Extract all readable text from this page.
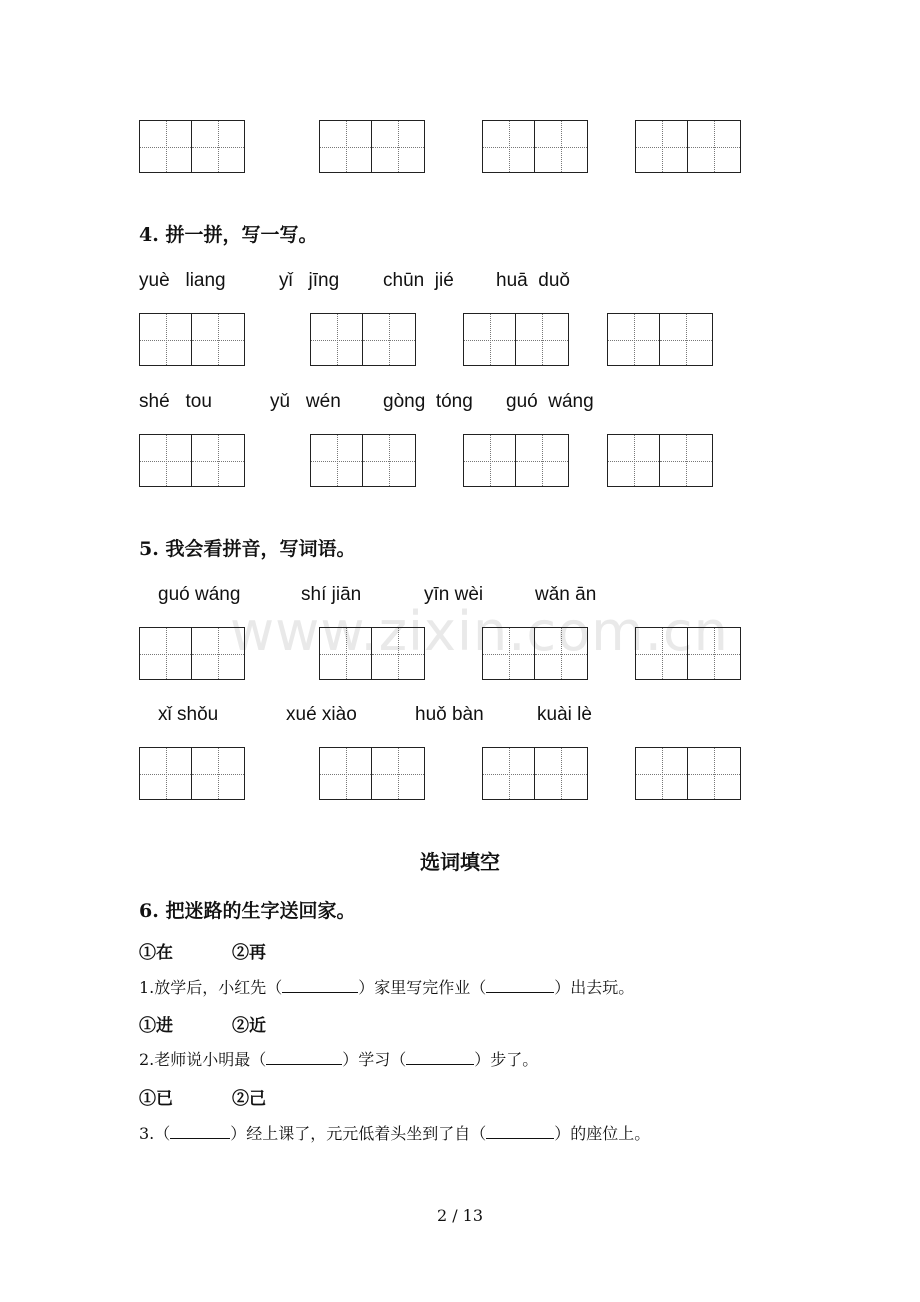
www.zixin.com.cn
4. 拼一拼，写一写。
yuè   liang	yǐ   jīng chūn  jié huā  duǒ
shé   tou	yǔ   wén gòng  tóng guó  wáng
5. 我会看拼音，写词语。
guó wáng	shí jiān	yīn wèi	wǎn ān
xǐ shǒu	xué xiào	huǒ bàn	kuài lè
选词填空
6. 把迷路的生字送回家。
①在	②再
1.放学后，小红先（	）家里写完作业（	）出去玩。
①进	②近
2.老师说小明最（	）学习（	）步了。
①已	②己
3.（	）经上课了，元元低着头坐到了自（	）的座位上。
2 / 13
